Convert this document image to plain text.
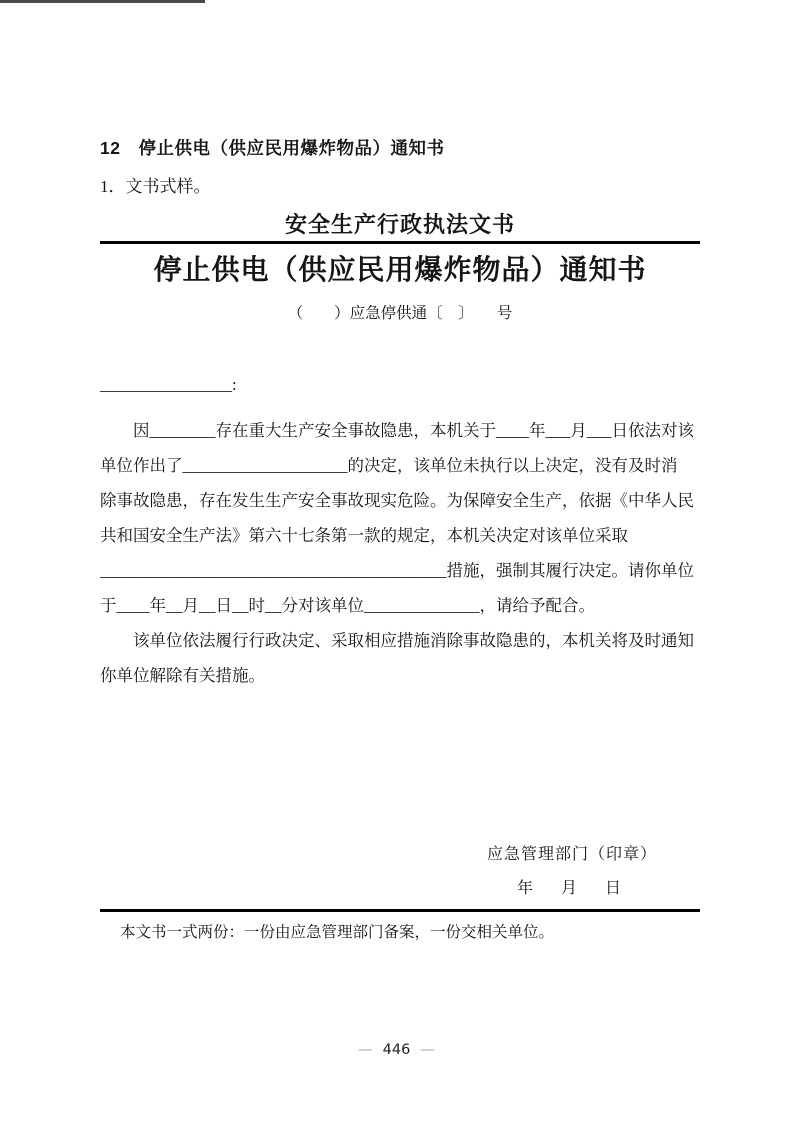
12　停止供电（供应民用爆炸物品）通知书
1．文书式样。
安全生产行政执法文书
停止供电（供应民用爆炸物品）通知书
（　　）应急停供通〔　〕　　号
________________:
因________存在重大生产安全事故隐患，本机关于____年___月___日依法对该
单位作出了____________________的决定，该单位未执行以上决定，没有及时消
除事故隐患，存在发生生产安全事故现实危险。为保障安全生产，依据《中华人民
共和国安全生产法》第六十七条第一款的规定，本机关决定对该单位采取
__________________________________________措施，强制其履行决定。请你单位
于____年__月__日__时__分对该单位______________，请给予配合。
该单位依法履行行政决定、采取相应措施消除事故隐患的，本机关将及时通知
你单位解除有关措施。
应急管理部门（印章）
年　月　日
本文书一式两份：一份由应急管理部门备案，一份交相关单位。
— 446 —
